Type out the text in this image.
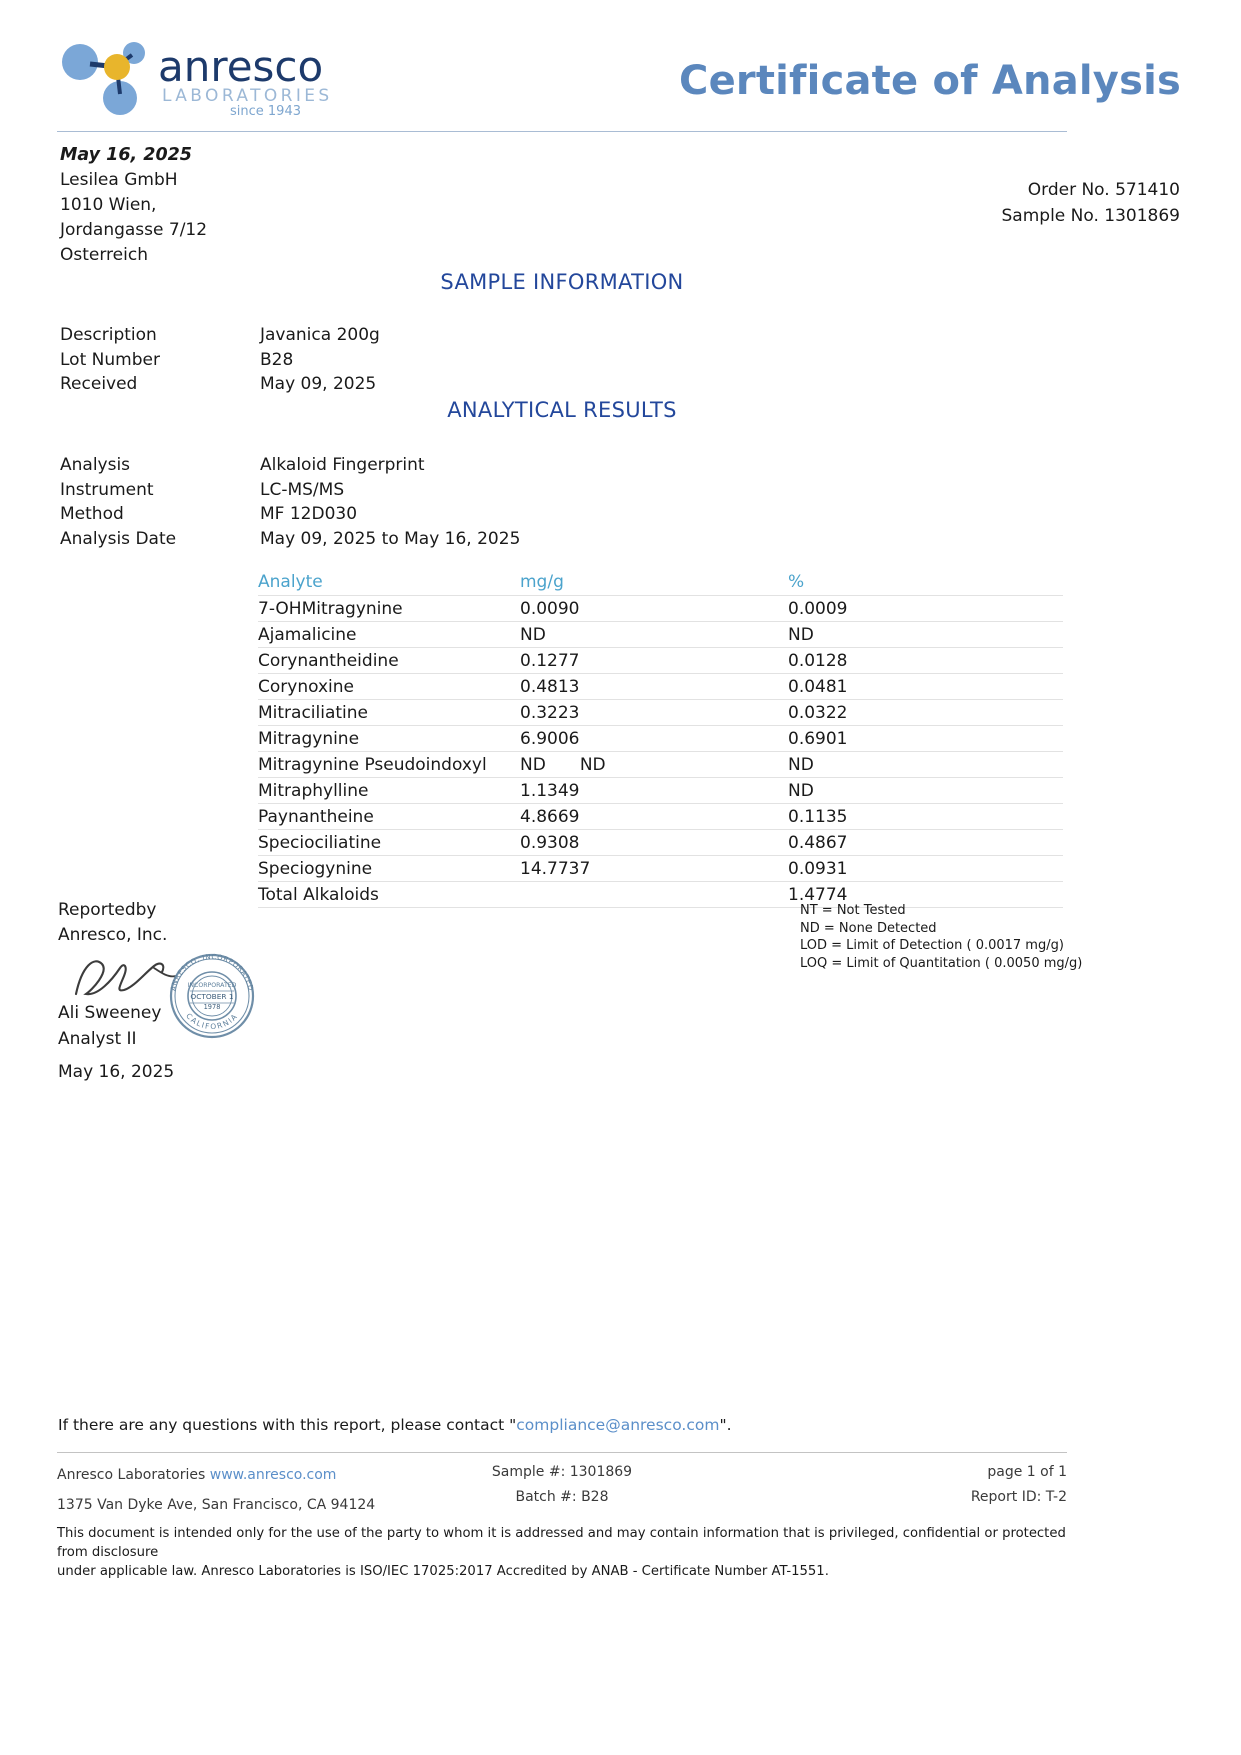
anresco
LABORATORIES
since 1943
Certificate of Analysis
May 16, 2025
Lesilea GmbH
1010 Wien,
Jordangasse 7/12
Osterreich
Order No. 571410
Sample No. 1301869
SAMPLE INFORMATION
Description	Javanica 200g
Lot Number	B28
Received	May 09, 2025
ANALYTICAL RESULTS
Analysis	Alkaloid Fingerprint
Instrument	LC-MS/MS
Method	MF 12D030
Analysis Date	May 09, 2025 to May 16, 2025
Analyte	mg/g	%
7-OHMitragynine	0.0090	0.0009
Ajamalicine	ND	ND
Corynantheidine	0.1277	0.0128
Corynoxine	0.4813	0.0481
Mitraciliatine	0.3223	0.0322
Mitragynine	6.9006	0.6901
Mitragynine Pseudoindoxyl	ND ND	ND
Mitraphylline	1.1349	ND
Paynantheine	4.8669	0.1135
Speciociliatine	0.9308	0.4867
Speciogynine	14.7737	0.0931
Total Alkaloids		1.4774
Reportedby
Anresco, Inc.
ANRESCO, INCORPORATED
CALIFORNIA
INCORPORATED
OCTOBER 1
1978
Ali Sweeney
Analyst II
May 16, 2025
NT = Not Tested
ND = None Detected
LOD = Limit of Detection ( 0.0017 mg/g)
LOQ = Limit of Quantitation ( 0.0050 mg/g)
If there are any questions with this report, please contact "compliance@anresco.com".
Anresco Laboratories www.anresco.com
1375 Van Dyke Ave, San Francisco, CA 94124
Sample #: 1301869
Batch #: B28
page 1 of 1
Report ID: T-2
This document is intended only for the use of the party to whom it is addressed and may contain information that is privileged, confidential or protected from disclosure
under applicable law. Anresco Laboratories is ISO/IEC 17025:2017 Accredited by ANAB - Certificate Number AT-1551.
